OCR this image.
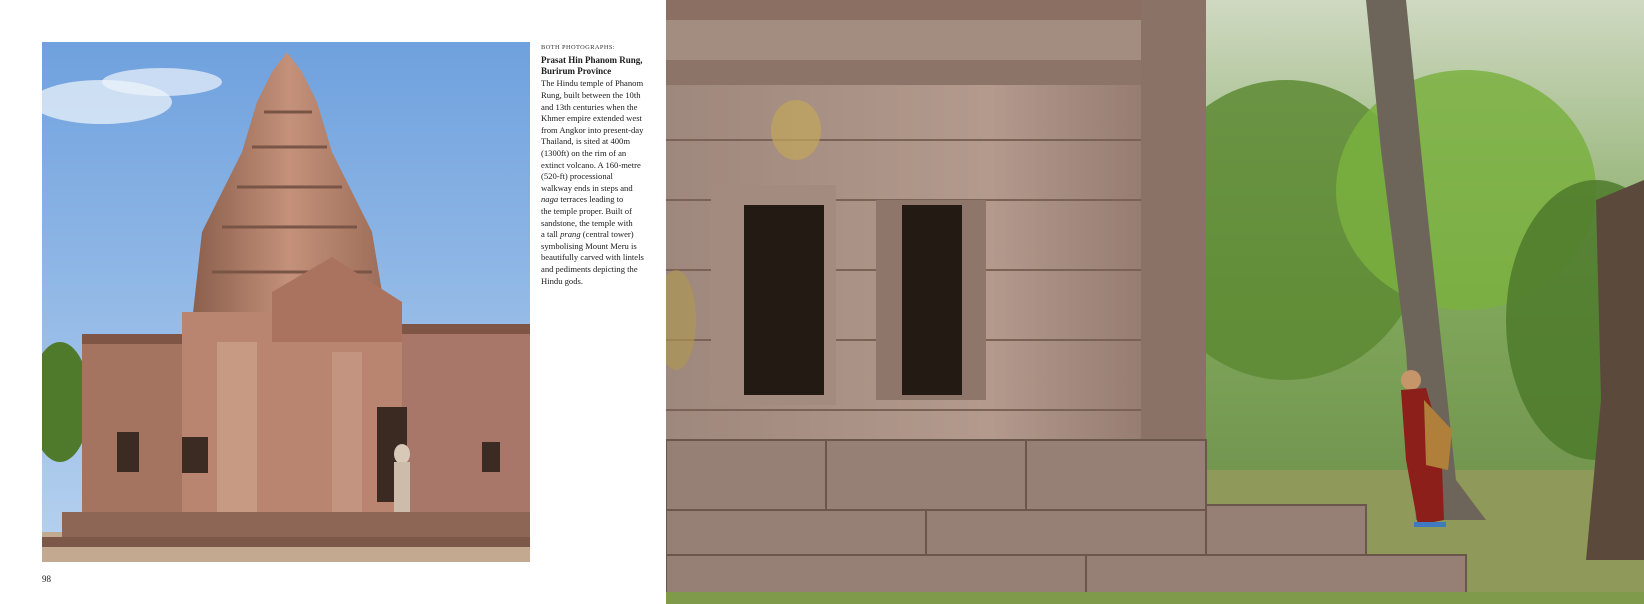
BOTH PHOTOGRAPHS:
Prasat Hin Phanom Rung,
Burirum Province
The Hindu temple of Phanom
Rung, built between the 10th
and 13th centuries when the
Khmer empire extended west
from Angkor into present-day
Thailand, is sited at 400m
(1300ft) on the rim of an
extinct volcano. A 160-metre
(520-ft) processional
walkway ends in steps and
naga terraces leading to
the temple proper. Built of
sandstone, the temple with
a tall prang (central tower)
symbolising Mount Meru is
beautifully carved with lintels
and pediments depicting the
Hindu gods.
98
